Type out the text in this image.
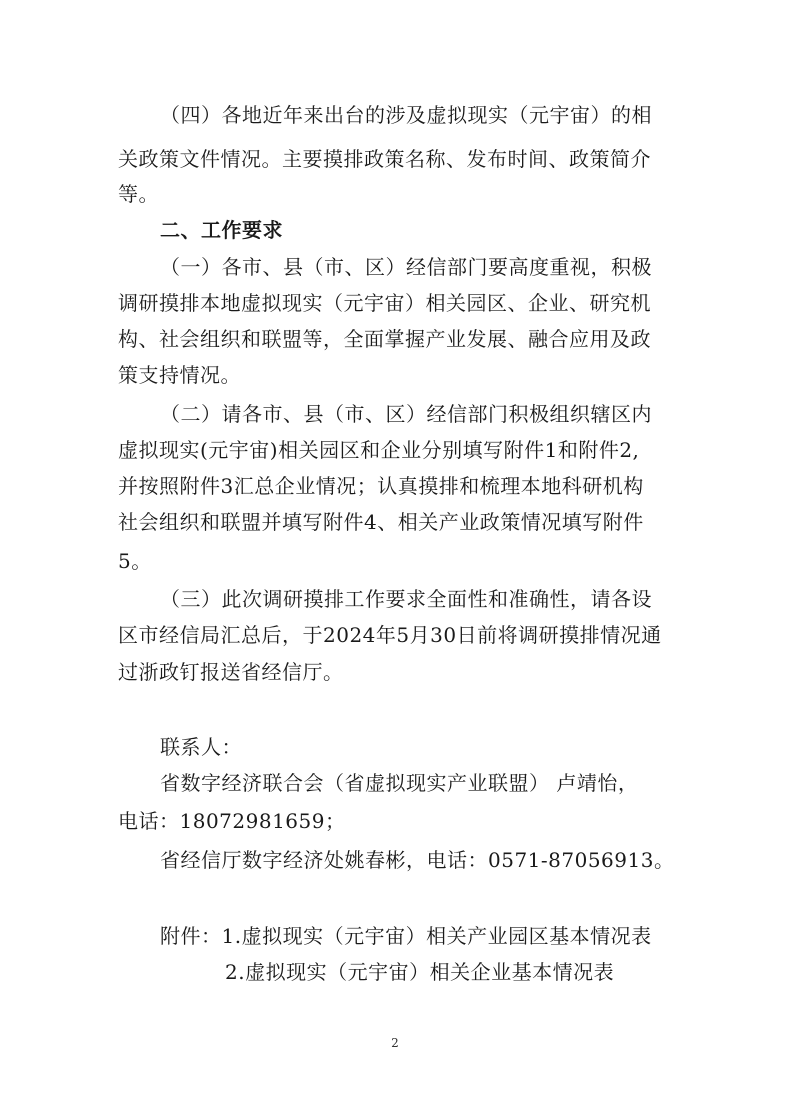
（四）各地近年来出台的涉及虚拟现实（元宇宙）的相
关政策文件情况。主要摸排政策名称、发布时间、政策简介
等。
二、工作要求
（一）各市、县（市、区）经信部门要高度重视，积极
调研摸排本地虚拟现实（元宇宙）相关园区、企业、研究机
构、社会组织和联盟等，全面掌握产业发展、融合应用及政
策支持情况。
（二）请各市、县（市、区）经信部门积极组织辖区内
虚拟现实(元宇宙)相关园区和企业分别填写附件1和附件2,
并按照附件3汇总企业情况；认真摸排和梳理本地科研机构
社会组织和联盟并填写附件4、相关产业政策情况填写附件
5。
（三）此次调研摸排工作要求全面性和准确性，请各设
区市经信局汇总后，于2024年5月30日前将调研摸排情况通
过浙政钉报送省经信厅。
联系人：
省数字经济联合会（省虚拟现实产业联盟） 卢靖怡，
电话：18072981659；
省经信厅数字经济处姚春彬，电话：0571-87056913。
附件：1.虚拟现实（元宇宙）相关产业园区基本情况表
2.虚拟现实（元宇宙）相关企业基本情况表
2
